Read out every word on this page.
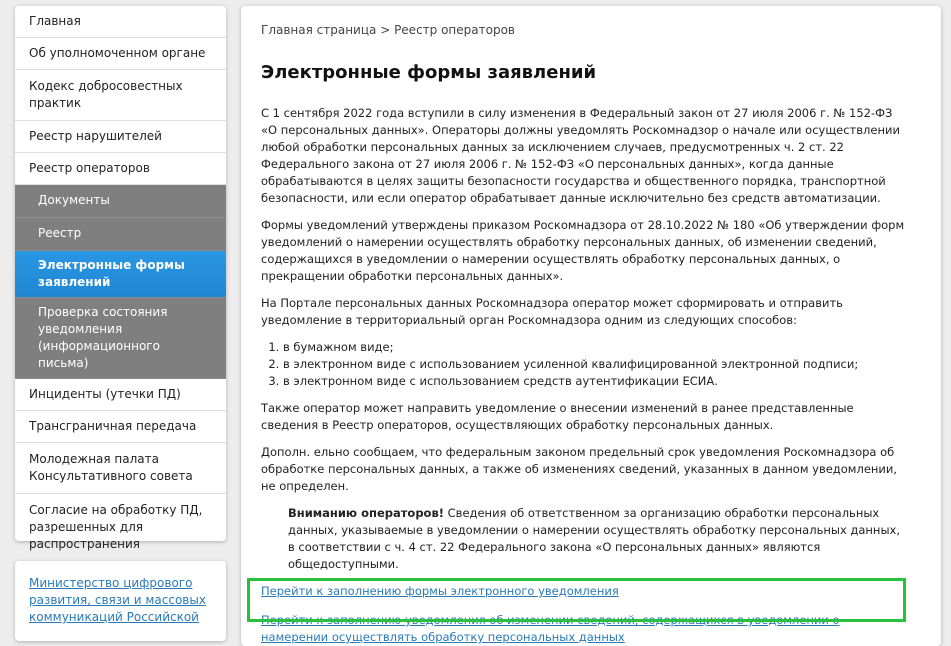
Главная
Об уполномоченном органе
Кодекс добросовестных практик
Реестр нарушителей
Реестр операторов
Документы
Реестр
Электронные формы заявлений
Проверка состояния уведомления (информационного письма)
Инциденты (утечки ПД)
Трансграничная передача
Молодежная палата Консультативного совета
Согласие на обработку ПД, разрешенных для распространения
Министерство цифрового развития, связи и массовых коммуникаций Российской
Главная страница > Реестр операторов
Электронные формы заявлений

С 1 сентября 2022 года вступили в силу изменения в Федеральный закон от 27 июля 2006 г. № 152-ФЗ «О персональных данных». Операторы должны уведомлять Роскомнадзор о начале или осуществлении любой обработки персональных данных за исключением случаев, предусмотренных ч. 2 ст. 22 Федерального закона от 27 июля 2006 г. № 152-ФЗ «О персональных данных», когда данные обрабатываются в целях защиты безопасности государства и общественного порядка, транспортной безопасности, или если оператор обрабатывает данные исключительно без средств автоматизации.

Формы уведомлений утверждены приказом Роскомнадзора от 28.10.2022 № 180 «Об утверждении форм уведомлений о намерении осуществлять обработку персональных данных, об изменении сведений, содержащихся в уведомлении о намерении осуществлять обработку персональных данных, о прекращении обработки персональных данных».

На Портале персональных данных Роскомнадзора оператор может сформировать и отправить уведомление в территориальный орган Роскомнадзора одним из следующих способов:

1. в бумажном виде;
2. в электронном виде с использованием усиленной квалифицированной электронной подписи;
3. в электронном виде с использованием средств аутентификации ЕСИА.

Также оператор может направить уведомление о внесении изменений в ранее представленные сведения в Реестр операторов, осуществляющих обработку персональных данных.

Дополн. ельно сообщаем, что федеральным законом предельный срок уведомления Роскомнадзора об обработке персональных данных, а также об изменениях сведений, указанных в данном уведомлении, не определен.

Вниманию операторов! Сведения об ответственном за организацию обработки персональных данных, указываемые в уведомлении о намерении осуществлять обработку персональных данных, в соответствии с ч. 4 ст. 22 Федерального закона «О персональных данных» являются общедоступными.

Перейти к заполнению формы электронного уведомления
Перейти к заполнению уведомления об изменении сведений, содержащихся в уведомлении о намерении осуществлять обработку персональных данных
